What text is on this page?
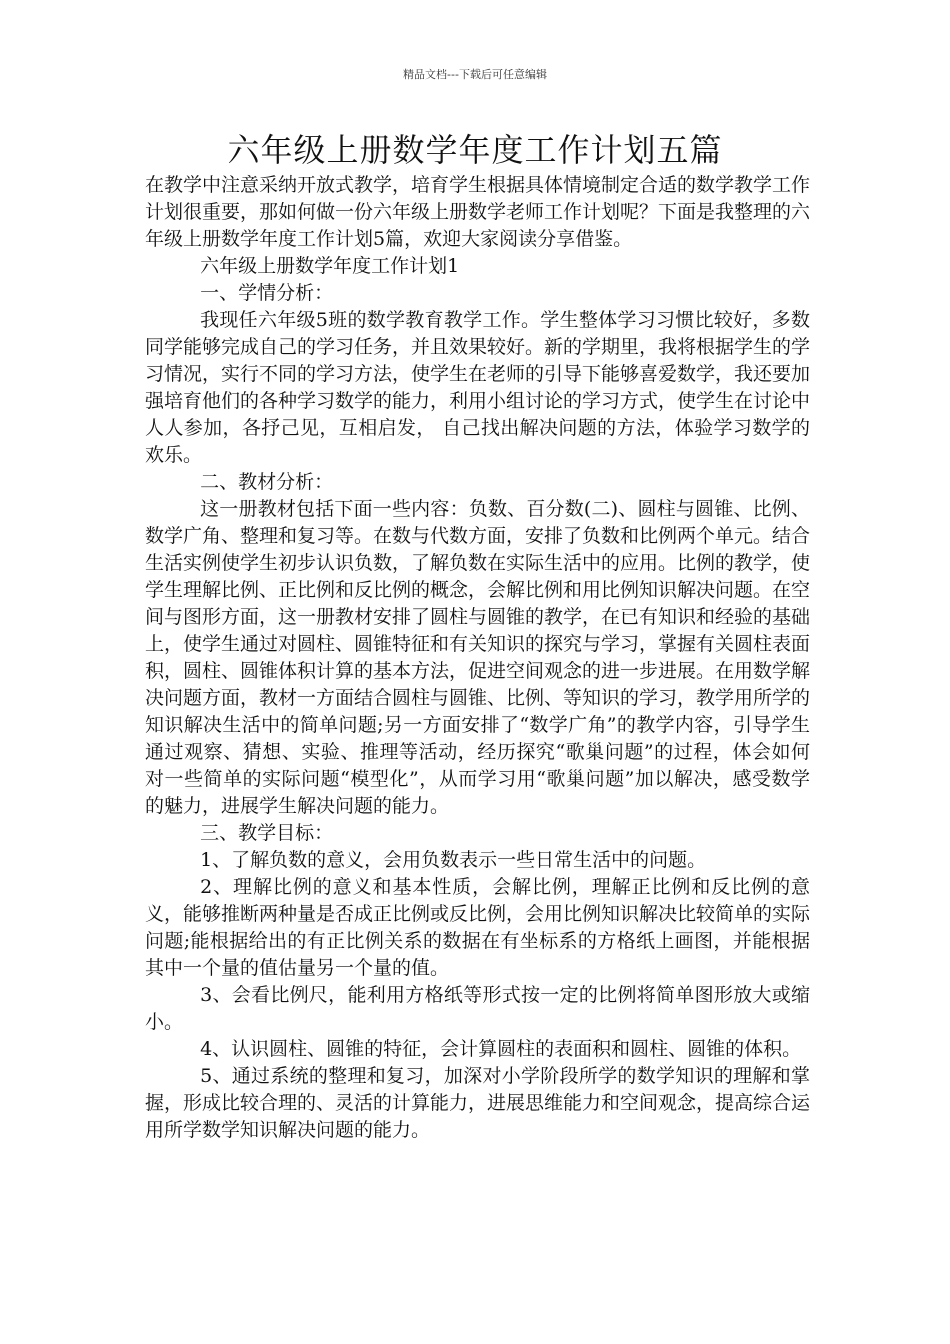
精品文档---下载后可任意编辑
六年级上册数学年度工作计划五篇

在教学中注意采纳开放式教学，培育学生根据具体情境制定合适的数学教学工作计划很重要，那如何做一份六年级上册数学老师工作计划呢？下面是我整理的六年级上册数学年度工作计划5篇，欢迎大家阅读分享借鉴。

六年级上册数学年度工作计划1

一、学情分析：

我现任六年级5班的数学教育教学工作。学生整体学习习惯比较好，多数同学能够完成自己的学习任务，并且效果较好。新的学期里，我将根据学生的学习情况，实行不同的学习方法，使学生在老师的引导下能够喜爱数学，我还要加强培育他们的各种学习数学的能力，利用小组讨论的学习方式，使学生在讨论中人人参加，各抒己见，互相启发， 自己找出解决问题的方法，体验学习数学的欢乐。

二、教材分析：

这一册教材包括下面一些内容：负数、百分数(二)、圆柱与圆锥、比例、数学广角、整理和复习等。在数与代数方面，安排了负数和比例两个单元。结合生活实例使学生初步认识负数，了解负数在实际生活中的应用。比例的教学，使学生理解比例、正比例和反比例的概念，会解比例和用比例知识解决问题。在空间与图形方面，这一册教材安排了圆柱与圆锥的教学，在已有知识和经验的基础上，使学生通过对圆柱、圆锥特征和有关知识的探究与学习，掌握有关圆柱表面积，圆柱、圆锥体积计算的基本方法，促进空间观念的进一步进展。在用数学解决问题方面，教材一方面结合圆柱与圆锥、比例、等知识的学习，教学用所学的知识解决生活中的简单问题;另一方面安排了“数学广角”的教学内容，引导学生通过观察、猜想、实验、推理等活动，经历探究“歌巢问题”的过程，体会如何对一些简单的实际问题“模型化”，从而学习用“歌巢问题”加以解决，感受数学的魅力，进展学生解决问题的能力。

三、教学目标：

1、了解负数的意义，会用负数表示一些日常生活中的问题。

2、理解比例的意义和基本性质，会解比例，理解正比例和反比例的意义，能够推断两种量是否成正比例或反比例，会用比例知识解决比较简单的实际问题;能根据给出的有正比例关系的数据在有坐标系的方格纸上画图，并能根据其中一个量的值估量另一个量的值。

3、会看比例尺，能利用方格纸等形式按一定的比例将简单图形放大或缩小。

4、认识圆柱、圆锥的特征，会计算圆柱的表面积和圆柱、圆锥的体积。

5、通过系统的整理和复习，加深对小学阶段所学的数学知识的理解和掌握，形成比较合理的、灵活的计算能力，进展思维能力和空间观念，提高综合运用所学数学知识解决问题的能力。
